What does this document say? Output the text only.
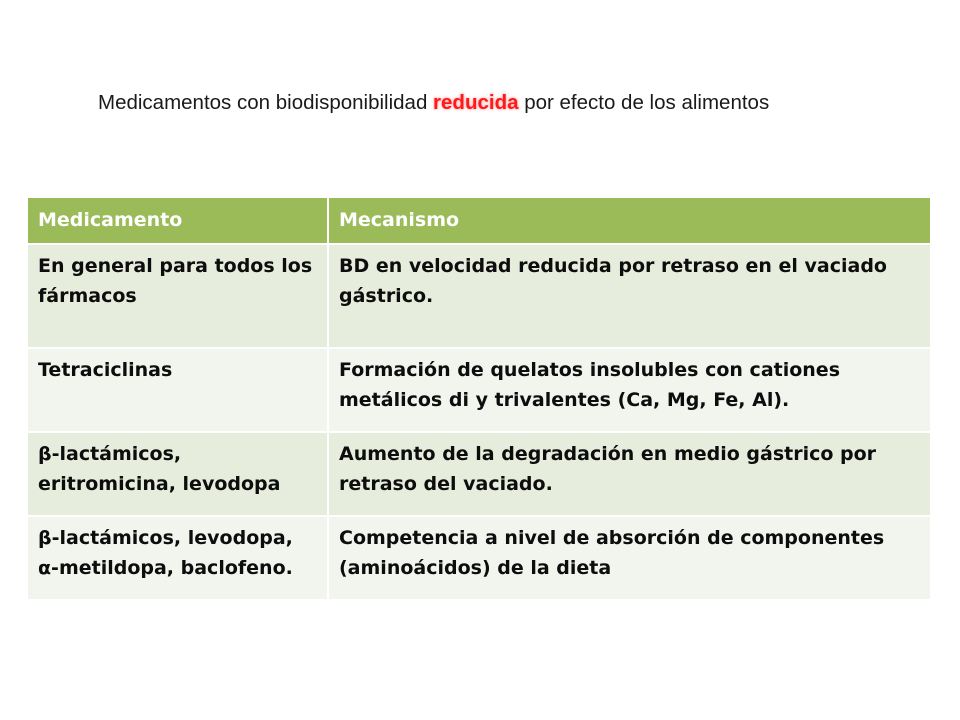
Medicamentos con biodisponibilidad reducida por efecto de los alimentos
Medicamento	Mecanismo
En general para todos los fármacos	BD en velocidad reducida por retraso en el vaciado gástrico.
Tetraciclinas	Formación de quelatos insolubles con cationes metálicos di y trivalentes (Ca, Mg, Fe, Al).
β-lactámicos, eritromicina, levodopa	Aumento de la degradación en medio gástrico por retraso del vaciado.
β-lactámicos, levodopa, α-metildopa, baclofeno.	Competencia a nivel de absorción de componentes (aminoácidos) de la dieta
